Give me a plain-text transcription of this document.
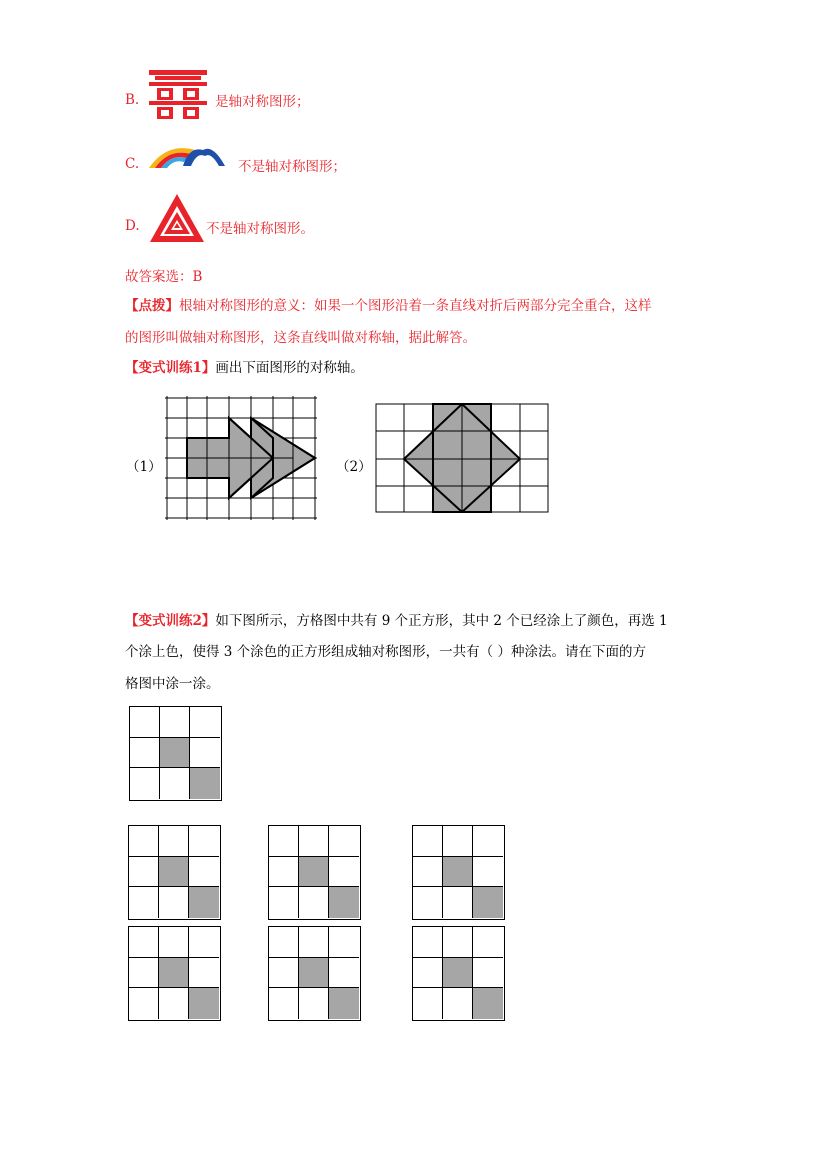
B.	是轴对称图形；
C.	不是轴对称图形；
D.	不是轴对称图形。
故答案选：B
【点拨】根轴对称图形的意义：如果一个图形沿着一条直线对折后两部分完全重合，这样
的图形叫做轴对称图形，这条直线叫做对称轴，据此解答。
【变式训练1】画出下面图形的对称轴。
（1）	（2）
【变式训练2】如下图所示，方格图中共有 9 个正方形，其中 2 个已经涂上了颜色，再选 1
个涂上色，使得 3 个涂色的正方形组成轴对称图形，一共有（ ）种涂法。请在下面的方
格图中涂一涂。
